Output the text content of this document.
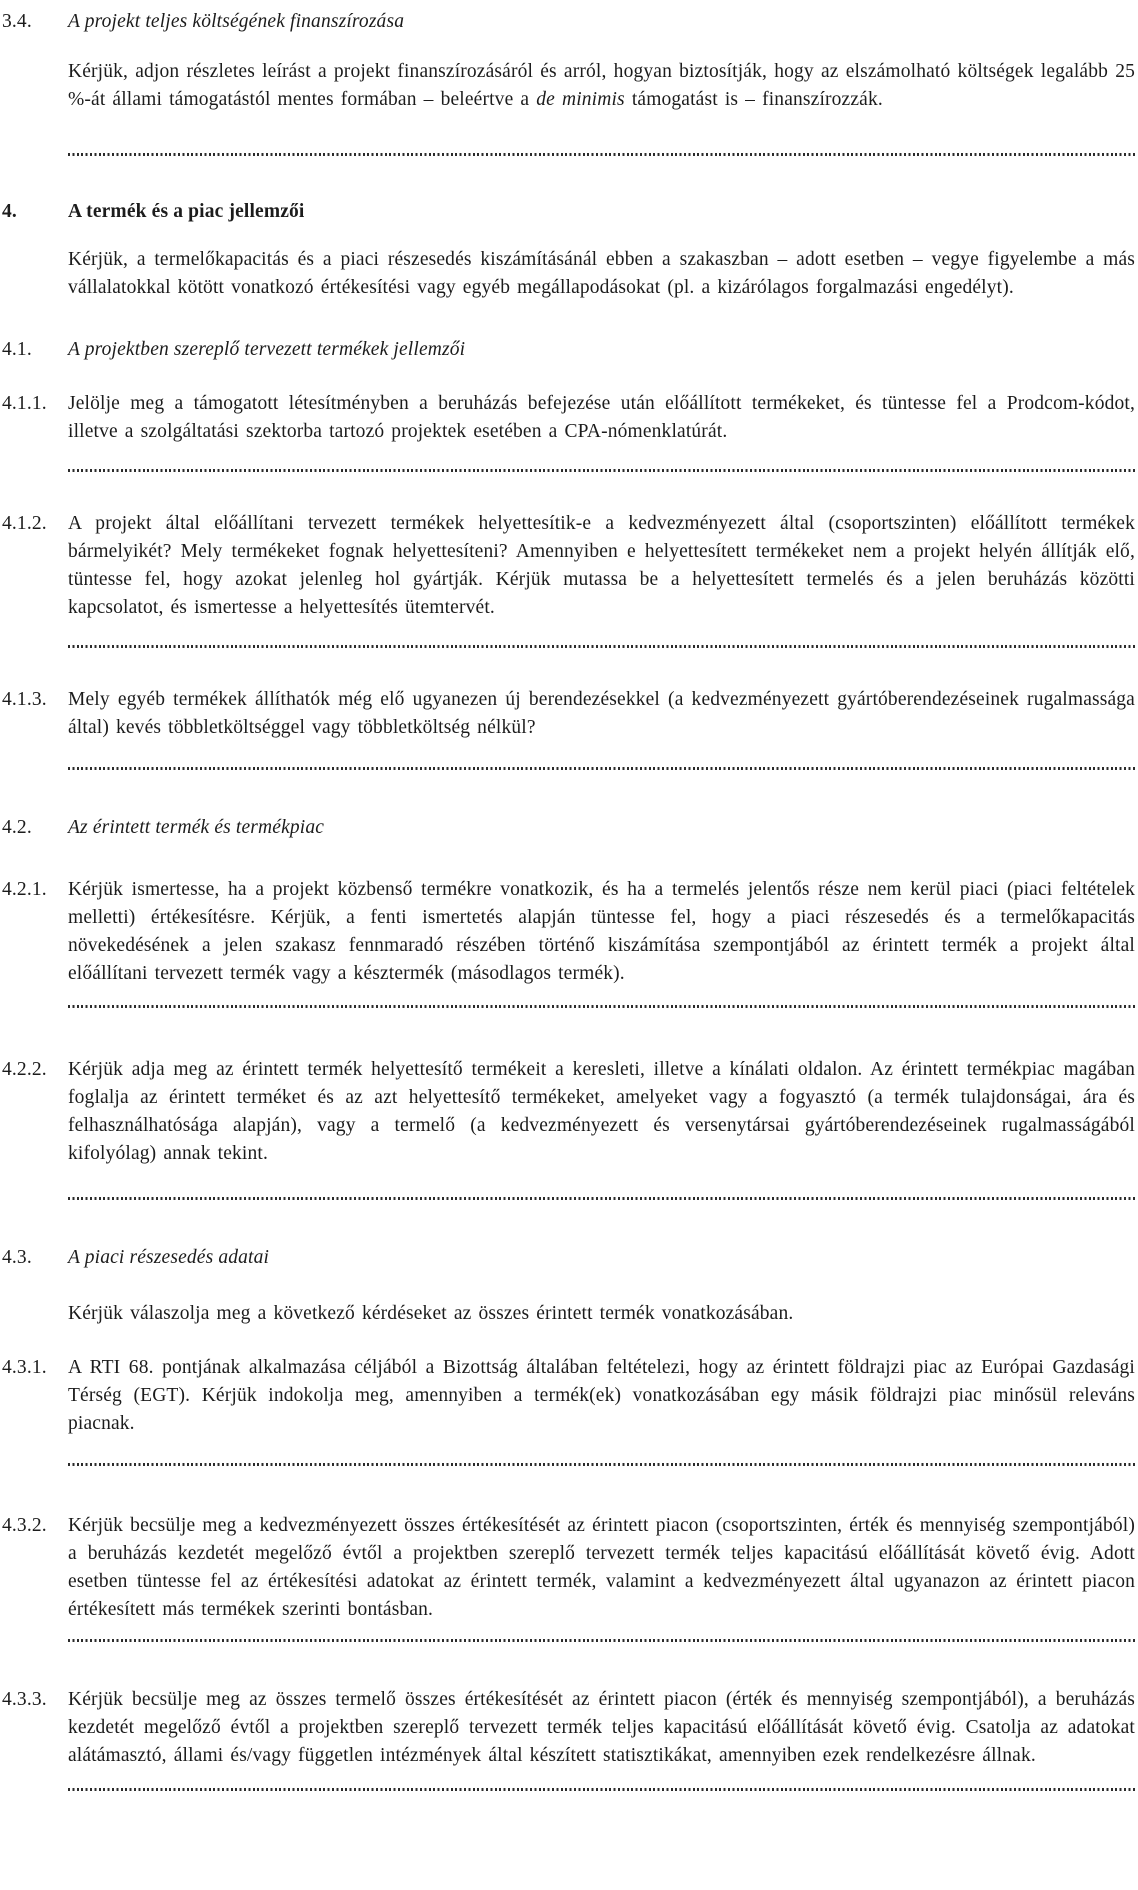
3.4.	A projekt teljes költségének finanszírozása

Kérjük, adjon részletes leírást a projekt finanszírozásáról és arról, hogyan biztosítják, hogy az elszámolható költségek legalább 25 %-át állami támogatástól mentes formában – beleértve a de minimis támogatást is – finanszírozzák.

4.	A termék és a piac jellemzői

Kérjük, a termelőkapacitás és a piaci részesedés kiszámításánál ebben a szakaszban – adott esetben – vegye figyelembe a más vállalatokkal kötött vonatkozó értékesítési vagy egyéb megállapodásokat (pl. a kizárólagos forgalmazási engedélyt).

4.1.	A projektben szereplő tervezett termékek jellemzői
4.1.1.	Jelölje meg a támogatott létesítményben a beruházás befejezése után előállított termékeket, és tüntesse fel a Prodcom-kódot, illetve a szolgáltatási szektorba tartozó projektek esetében a CPA-nómenklatúrát.

4.1.2.	A projekt által előállítani tervezett termékek helyettesítik-e a kedvezményezett által (csoportszinten) előállított termékek bármelyikét? Mely termékeket fognak helyettesíteni? Amennyiben e helyettesített termékeket nem a projekt helyén állítják elő, tüntesse fel, hogy azokat jelenleg hol gyártják. Kérjük mutassa be a helyettesített termelés és a jelen beruházás közötti kapcsolatot, és ismertesse a helyettesítés ütemtervét.

4.1.3.	Mely egyéb termékek állíthatók még elő ugyanezen új berendezésekkel (a kedvezményezett gyártóberendezéseinek rugalmassága által) kevés többletköltséggel vagy többletköltség nélkül?

4.2.	Az érintett termék és termékpiac
4.2.1.	Kérjük ismertesse, ha a projekt közbenső termékre vonatkozik, és ha a termelés jelentős része nem kerül piaci (piaci feltételek melletti) értékesítésre. Kérjük, a fenti ismertetés alapján tüntesse fel, hogy a piaci részesedés és a termelőkapacitás növekedésének a jelen szakasz fennmaradó részében történő kiszámítása szempontjából az érintett termék a projekt által előállítani tervezett termék vagy a késztermék (másodlagos termék).

4.2.2.	Kérjük adja meg az érintett termék helyettesítő termékeit a keresleti, illetve a kínálati oldalon. Az érintett termékpiac magában foglalja az érintett terméket és az azt helyettesítő termékeket, amelyeket vagy a fogyasztó (a termék tulajdonságai, ára és felhasználhatósága alapján), vagy a termelő (a kedvezményezett és versenytársai gyártóberendezéseinek rugalmasságából kifolyólag) annak tekint.

4.3.	A piaci részesedés adatai

Kérjük válaszolja meg a következő kérdéseket az összes érintett termék vonatkozásában.

4.3.1.	A RTI 68. pontjának alkalmazása céljából a Bizottság általában feltételezi, hogy az érintett földrajzi piac az Európai Gazdasági Térség (EGT). Kérjük indokolja meg, amennyiben a termék(ek) vonatkozásában egy másik földrajzi piac minősül releváns piacnak.

4.3.2.	Kérjük becsülje meg a kedvezményezett összes értékesítését az érintett piacon (csoportszinten, érték és mennyiség szempontjából) a beruházás kezdetét megelőző évtől a projektben szereplő tervezett termék teljes kapacitású előállítását követő évig. Adott esetben tüntesse fel az értékesítési adatokat az érintett termék, valamint a kedvezményezett által ugyanazon az érintett piacon értékesített más termékek szerinti bontásban.

4.3.3.	Kérjük becsülje meg az összes termelő összes értékesítését az érintett piacon (érték és mennyiség szempontjából), a beruházás kezdetét megelőző évtől a projektben szereplő tervezett termék teljes kapacitású előállítását követő évig. Csatolja az adatokat alátámasztó, állami és/vagy független intézmények által készített statisztikákat, amennyiben ezek rendelkezésre állnak.
